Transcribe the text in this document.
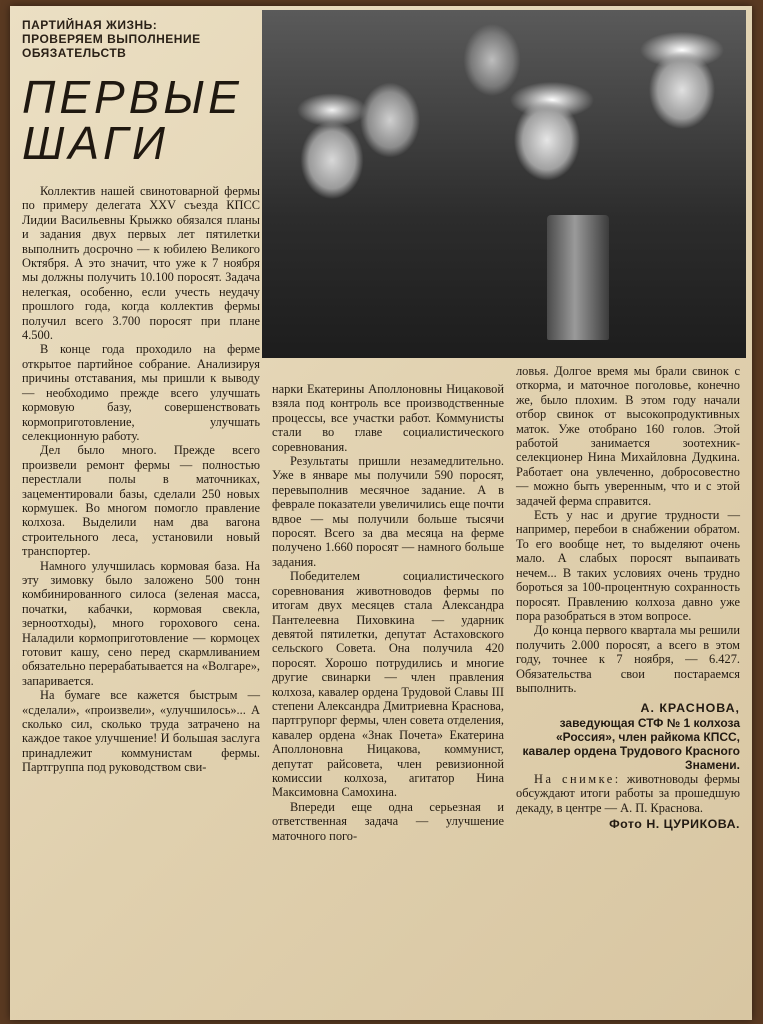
ПАРТИЙНАЯ ЖИЗНЬ:
ПРОВЕРЯЕМ ВЫПОЛНЕНИЕ
ОБЯЗАТЕЛЬСТВ
ПЕРВЫЕ
ШАГИ

Коллектив нашей свинотоварной фермы по примеру делегата XXV съезда КПСС Лидии Васильевны Крыжко обязался планы и задания двух первых лет пятилетки выполнить досрочно — к юбилею Великого Октября. А это значит, что уже к 7 ноября мы должны получить 10.100 поросят. Задача нелегкая, особенно, если учесть неудачу прошлого года, когда коллектив фермы получил всего 3.700 поросят при плане 4.500.

В конце года проходило на ферме открытое партийное собрание. Анализируя причины отставания, мы пришли к выводу — необходимо прежде всего улучшать кормовую базу, совершенствовать кормоприготовление, улучшать селекционную работу.

Дел было много. Прежде всего произвели ремонт фермы — полностью перестлали полы в маточниках, зацементировали базы, сделали 250 новых кормушек. Во многом помогло правление колхоза. Выделили нам два вагона строительного леса, установили новый транспортер.

Намного улучшилась кормовая база. На эту зимовку было заложено 500 тонн комбинированного силоса (зеленая масса, початки, кабачки, кормовая свекла, зерноотходы), много горохового сена. Наладили кормоприготовление — кормоцех готовит кашу, сено перед скармливанием обязательно перерабатывается на «Волгаре», запаривается.

На бумаге все кажется быстрым — «сделали», «произвели», «улучшилось»... А сколько сил, сколько труда затрачено на каждое такое улучшение! И большая заслуга принадлежит коммунистам фермы. Партгруппа под руководством сви-

нарки Екатерины Аполлоновны Ницаковой взяла под контроль все производственные процессы, все участки работ. Коммунисты стали во главе социалистического соревнования.

Результаты пришли незамедлительно. Уже в январе мы получили 590 поросят, перевыполнив месячное задание. А в феврале показатели увеличились еще почти вдвое — мы получили больше тысячи поросят. Всего за два месяца на ферме получено 1.660 поросят — намного больше задания.

Победителем социалистического соревнования животноводов фермы по итогам двух месяцев стала Александра Пантелеевна Пиховкина — ударник девятой пятилетки, депутат Астаховского сельского Совета. Она получила 420 поросят. Хорошо потрудились и многие другие свинарки — член правления колхоза, кавалер ордена Трудовой Славы III степени Александра Дмитриевна Краснова, партгрупорг фермы, член совета отделения, кавалер ордена «Знак Почета» Екатерина Аполлоновна Ницакова, коммунист, депутат райсовета, член ревизионной комиссии колхоза, агитатор Нина Максимовна Самохина.

Впереди еще одна серьезная и ответственная задача — улучшение маточного пого-

ловья. Долгое время мы брали свинок с откорма, и маточное поголовье, конечно же, было плохим. В этом году начали отбор свинок от высокопродуктивных маток. Уже отобрано 160 голов. Этой работой занимается зоотехник-селекционер Нина Михайловна Дудкина. Работает она увлеченно, добросовестно — можно быть уверенным, что и с этой задачей ферма справится.

Есть у нас и другие трудности — например, перебои в снабжении обратом. То его вообще нет, то выделяют очень мало. А слабых поросят выпаивать нечем... В таких условиях очень трудно бороться за 100-процентную сохранность поросят. Правлению колхоза давно уже пора разобраться в этом вопросе.

До конца первого квартала мы решили получить 2.000 поросят, а всего в этом году, точнее к 7 ноября, — 6.427. Обязательства свои постараемся выполнить.

А. КРАСНОВА,
заведующая СТФ № 1 колхоза «Россия», член райкома КПСС, кавалер ордена Трудового Красного Знамени.

На снимке: животноводы фермы обсуждают итоги работы за прошедшую декаду, в центре — А. П. Краснова.

Фото Н. ЦУРИКОВА.
